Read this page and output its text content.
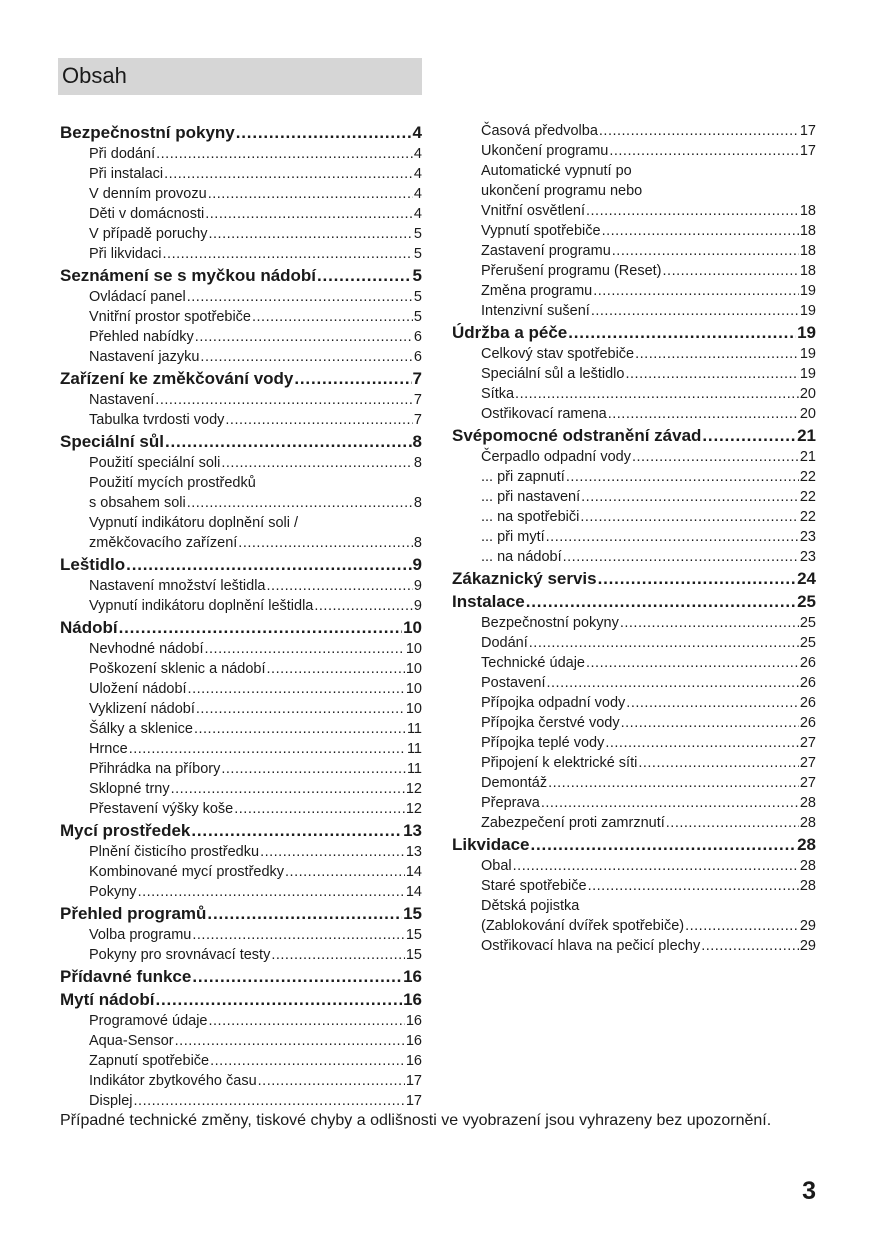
Obsah
Bezpečnostní pokyny .....	4
Při dodání .....	4
Při instalaci .....	4
V denním provozu .....	4
Děti v domácnosti .....	4
V případě poruchy .....	5
Při likvidaci .....	5
Seznámení se s myčkou nádobí .....	5
Ovládací panel .....	5
Vnitřní prostor spotřebiče .....	5
Přehled nabídky .....	6
Nastavení jazyku .....	6
Zařízení ke změkčování vody .....	7
Nastavení .....	7
Tabulka tvrdosti vody .....	7
Speciální sůl .....	8
Použití speciální soli .....	8
Použití mycích prostředků
s obsahem soli .....	8
Vypnutí indikátoru doplnění soli /
změkčovacího zařízení .....	8
Leštidlo .....	9
Nastavení množství leštidla .....	9
Vypnutí indikátoru doplnění leštidla .....	9
Nádobí .....	10
Nevhodné nádobí .....	10
Poškození sklenic a nádobí .....	10
Uložení nádobí .....	10
Vyklizení nádobí .....	10
Šálky a sklenice .....	11
Hrnce .....	11
Přihrádka na příbory .....	11
Sklopné trny .....	12
Přestavení výšky koše .....	12
Mycí prostředek .....	13
Plnění čisticího prostředku .....	13
Kombinované mycí prostředky .....	14
Pokyny .....	14
Přehled programů .....	15
Volba programu .....	15
Pokyny pro srovnávací testy .....	15
Přídavné funkce .....	16
Mytí nádobí .....	16
Programové údaje .....	16
Aqua-Sensor .....	16
Zapnutí spotřebiče .....	16
Indikátor zbytkového času .....	17
Displej .....	17
Časová předvolba .....	17
Ukončení programu .....	17
Automatické vypnutí po
ukončení programu nebo
Vnitřní osvětlení .....	18
Vypnutí spotřebiče .....	18
Zastavení programu .....	18
Přerušení programu (Reset) .....	18
Změna programu .....	19
Intenzivní sušení .....	19
Údržba a péče .....	19
Celkový stav spotřebiče .....	19
Speciální sůl a leštidlo .....	19
Sítka .....	20
Ostřikovací ramena .....	20
Svépomocné odstranění závad .....	21
Čerpadlo odpadní vody .....	21
... při zapnutí .....	22
... při nastavení .....	22
... na spotřebiči .....	22
... při mytí .....	23
... na nádobí .....	23
Zákaznický servis .....	24
Instalace .....	25
Bezpečnostní pokyny .....	25
Dodání .....	25
Technické údaje .....	26
Postavení .....	26
Přípojka odpadní vody .....	26
Přípojka čerstvé vody .....	26
Přípojka teplé vody .....	27
Připojení k elektrické síti .....	27
Demontáž .....	27
Přeprava .....	28
Zabezpečení proti zamrznutí .....	28
Likvidace .....	28
Obal .....	28
Staré spotřebiče .....	28
Dětská pojistka
(Zablokování dvířek spotřebiče) .....	29
Ostřikovací hlava na pečicí plechy .....	29
Případné technické změny, tiskové chyby a odlišnosti ve vyobrazení jsou vyhrazeny bez upozornění.
3
